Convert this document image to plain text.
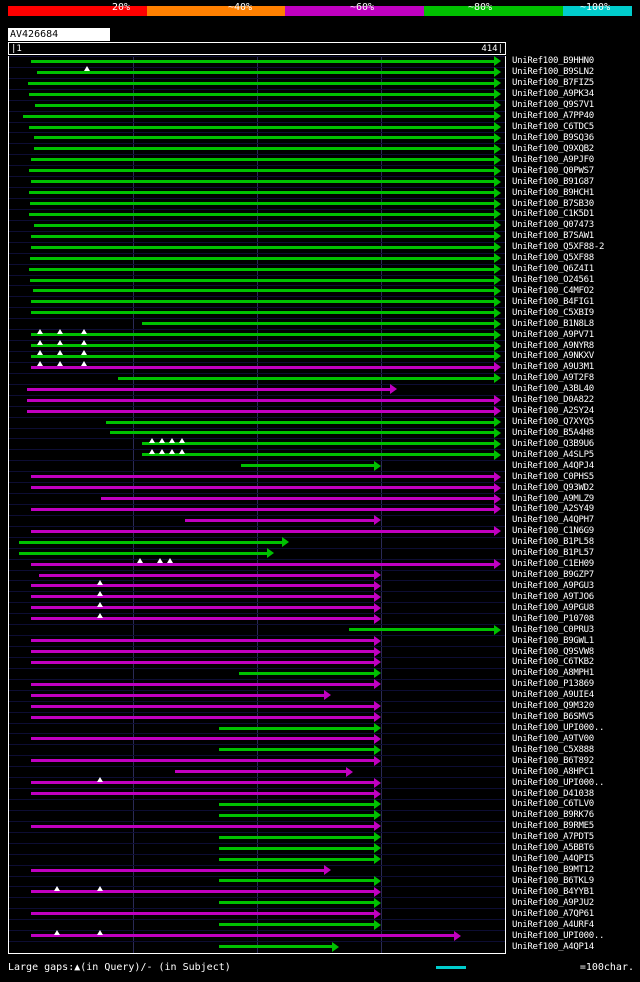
20%	~40%	~60%	~80%	~100%
AV426684
|1	414|
UniRef100_B9HHN0
UniRef100_B9SLN2
UniRef100_B7FIZ5
UniRef100_A9PK34
UniRef100_Q9S7V1
UniRef100_A7PP40
UniRef100_C6TDC5
UniRef100_B9SQ36
UniRef100_Q9XQB2
UniRef100_A9PJF0
UniRef100_Q0PWS7
UniRef100_B91G87
UniRef100_B9HCH1
UniRef100_B7SB30
UniRef100_C1K5D1
UniRef100_Q07473
UniRef100_B7SAW1
UniRef100_Q5XF88-2
UniRef100_Q5XF88
UniRef100_Q6Z4I1
UniRef100_O24561
UniRef100_C4MFO2
UniRef100_B4FIG1
UniRef100_C5XBI9
UniRef100_B1N8L8
UniRef100_A9PV71
UniRef100_A9NYR8
UniRef100_A9NKXV
UniRef100_A9U3M1
UniRef100_A9T2F8
UniRef100_A3BL40
UniRef100_D0A822
UniRef100_A2SY24
UniRef100_Q7XYQ5
UniRef100_B5A4H8
UniRef100_Q3B9U6
UniRef100_A4SLP5
UniRef100_A4QPJ4
UniRef100_C0PHS5
UniRef100_Q93WD2
UniRef100_A9MLZ9
UniRef100_A2SY49
UniRef100_A4QPH7
UniRef100_C1N6G9
UniRef100_B1PL58
UniRef100_B1PL57
UniRef100_C1EH09
UniRef100_B9GZP7
UniRef100_A9PGU3
UniRef100_A9TJO6
UniRef100_A9PGU8
UniRef100_P10708
UniRef100_C0PRU3
UniRef100_B9GWL1
UniRef100_Q9SVW8
UniRef100_C6TKB2
UniRef100_A8MPH1
UniRef100_P13869
UniRef100_A9UIE4
UniRef100_Q9M320
UniRef100_B6SMV5
UniRef100_UPI000..
UniRef100_A9TV00
UniRef100_C5X888
UniRef100_B6T892
UniRef100_A8HPC1
UniRef100_UPI000..
UniRef100_D41038
UniRef100_C6TLV0
UniRef100_B9RK76
UniRef100_B9RME5
UniRef100_A7PDT5
UniRef100_A5BBT6
UniRef100_A4QPI5
UniRef100_B9MT12
UniRef100_B6TKL9
UniRef100_B4YYB1
UniRef100_A9PJU2
UniRef100_A7QP61
UniRef100_A4URF4
UniRef100_UPI000..
UniRef100_A4QP14
Large gaps:▲(in Query)/- (in Subject)	=100char.
